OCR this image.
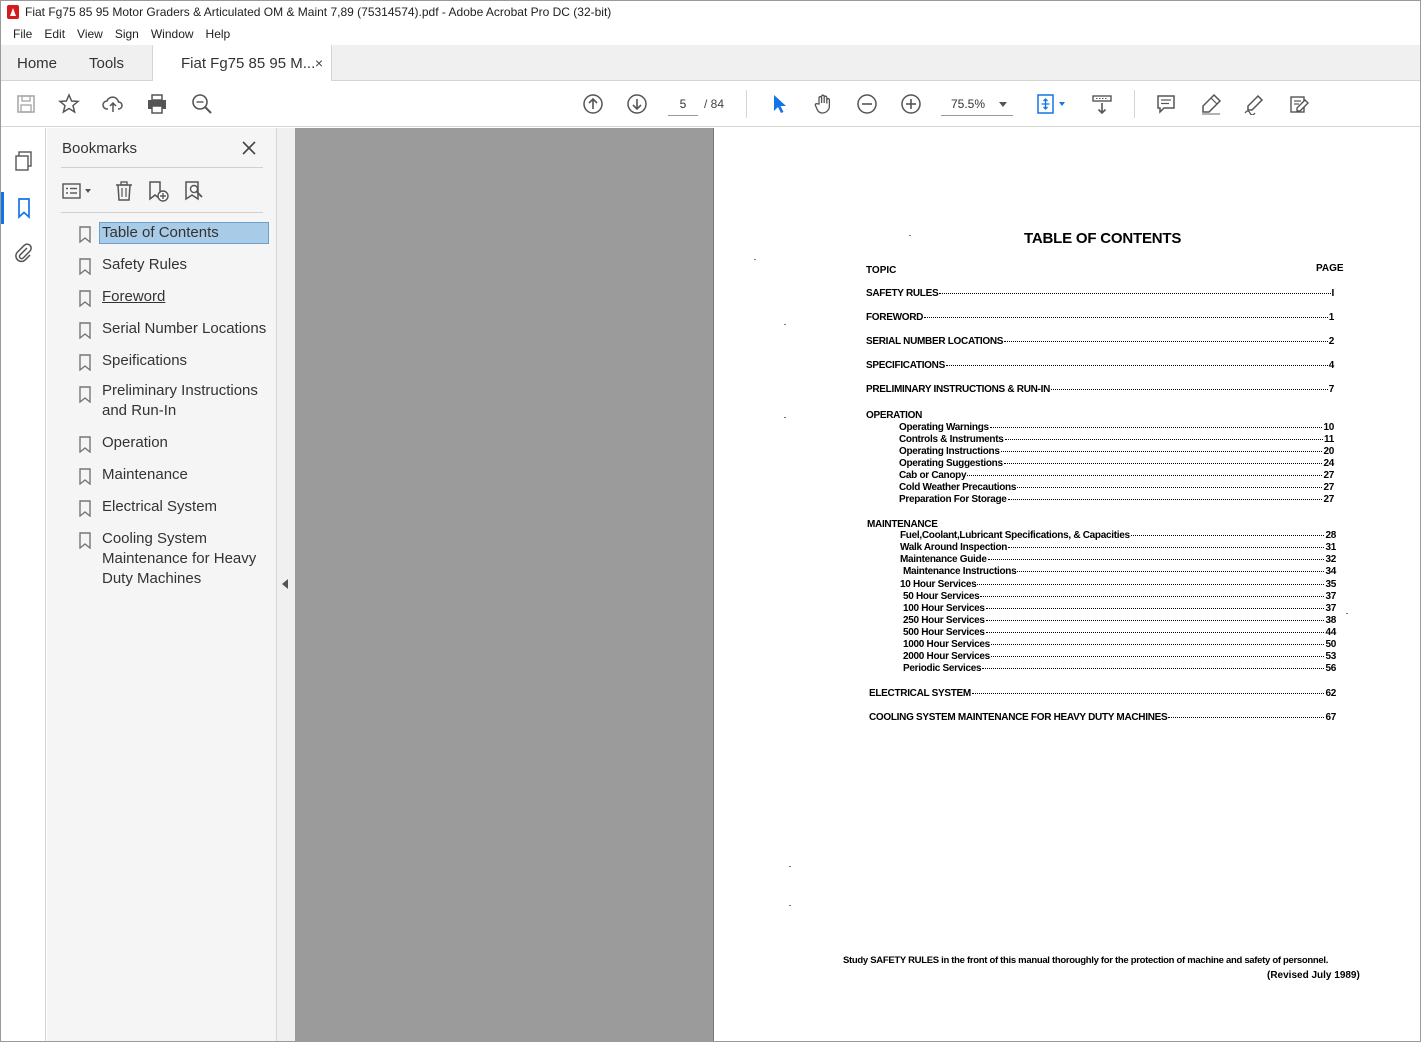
Fiat Fg75 85 95 Motor Graders & Articulated OM & Maint 7,89 (75314574).pdf - Adobe Acrobat Pro DC (32-bit)
File	Edit	View	Sign	Window	Help
Home Tools	Fiat Fg75 85 95 M... ×
5	/ 84	75.5%
Bookmarks
Table of Contents
Safety Rules
Foreword
Serial Number Locations
Speifications
Preliminary Instructions and Run-In
Operation
Maintenance
Electrical System
Cooling System Maintenance for Heavy Duty Machines
TABLE OF CONTENTS
TOPIC	PAGE
SAFETY RULES	I
FOREWORD	1
SERIAL NUMBER LOCATIONS	2
SPECIFICATIONS	4
PRELIMINARY INSTRUCTIONS & RUN-IN	7
OPERATION
Operating Warnings	10
Controls & Instruments	11
Operating Instructions	20
Operating Suggestions	24
Cab or Canopy	27
Cold Weather Precautions	27
Preparation For Storage	27
MAINTENANCE
Fuel,Coolant,Lubricant Specifications, & Capacities	28
Walk Around Inspection	31
Maintenance Guide	32
Maintenance Instructions	34
10 Hour Services	35
50 Hour Services	37
100 Hour Services	37
250 Hour Services	38
500 Hour Services	44
1000 Hour Services	50
2000 Hour Services	53
Periodic Services	56
ELECTRICAL SYSTEM	62
COOLING SYSTEM MAINTENANCE FOR HEAVY DUTY MACHINES	67
Study SAFETY RULES in the front of this manual thoroughly for the protection of machine and safety of personnel.
(Revised July 1989)
